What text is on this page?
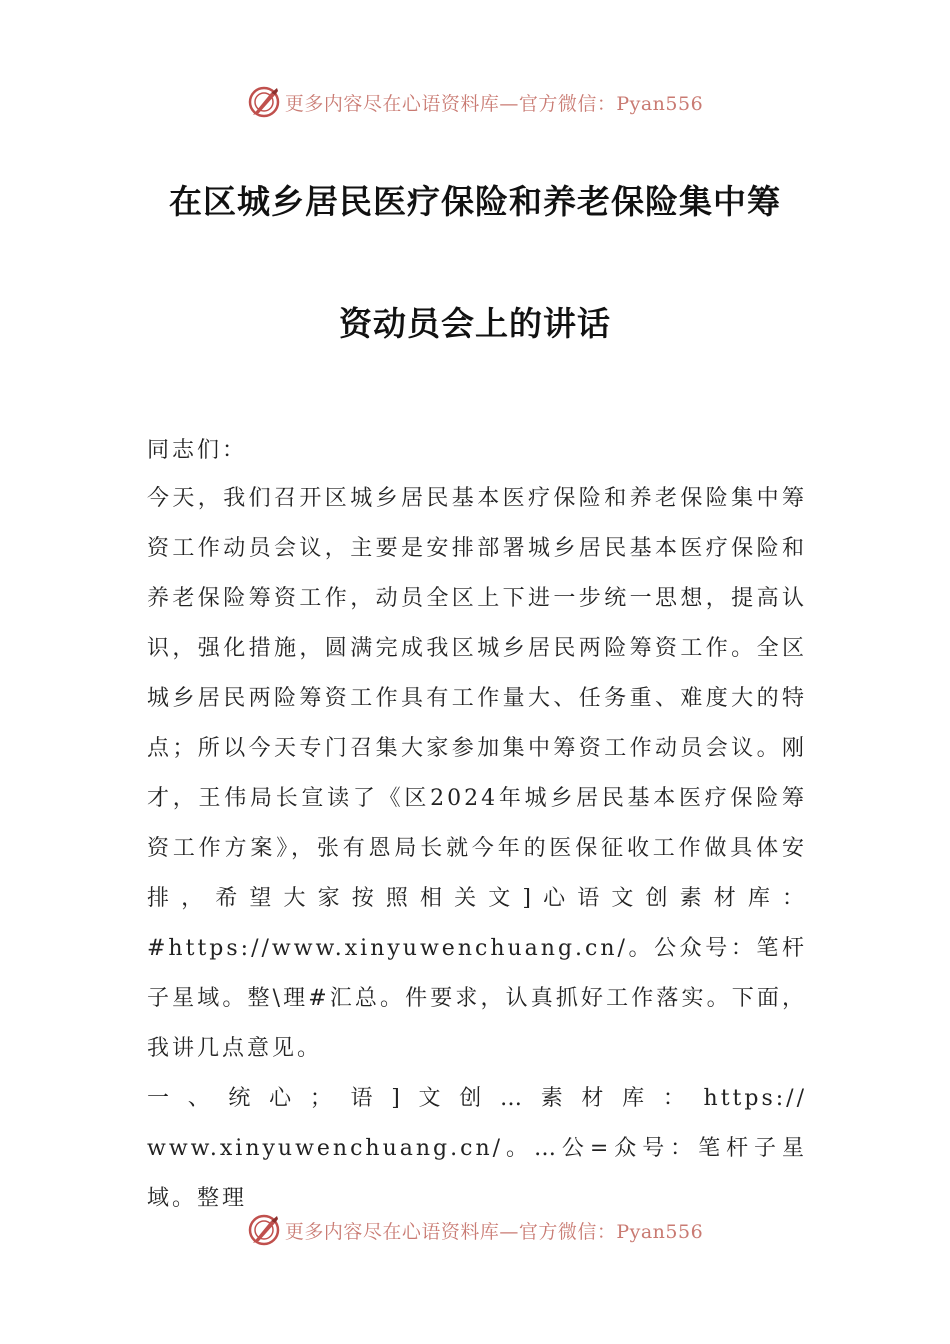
更多内容尽在心语资料库—官方微信：Pyan556
在区城乡居民医疗保险和养老保险集中筹
资动员会上的讲话
同志们：

今天，我们召开区城乡居民基本医疗保险和养老保险集中筹资工作动员会议，主要是安排部署城乡居民基本医疗保险和养老保险筹资工作，动员全区上下进一步统一思想，提高认识，强化措施，圆满完成我区城乡居民两险筹资工作。全区城乡居民两险筹资工作具有工作量大、任务重、难度大的特点；所以今天专门召集大家参加集中筹资工作动员会议。刚才，王伟局长宣读了《区2024年城乡居民基本医疗保险筹资工作方案》，张有恩局长就今年的医保征收工作做具体安排，希望大家按照相关文]心语文创素材库：#https://www.xinyuwenchuang.cn/。公众号：笔杆子星域。整\理#汇总。件要求，认真抓好工作落实。下面，我讲几点意见。

一、统心；语]文创…素材库：https://

www.xinyuwenchuang.cn/。…公=众号：笔杆子星域。整理

更多内容尽在心语资料库—官方微信：Pyan556
